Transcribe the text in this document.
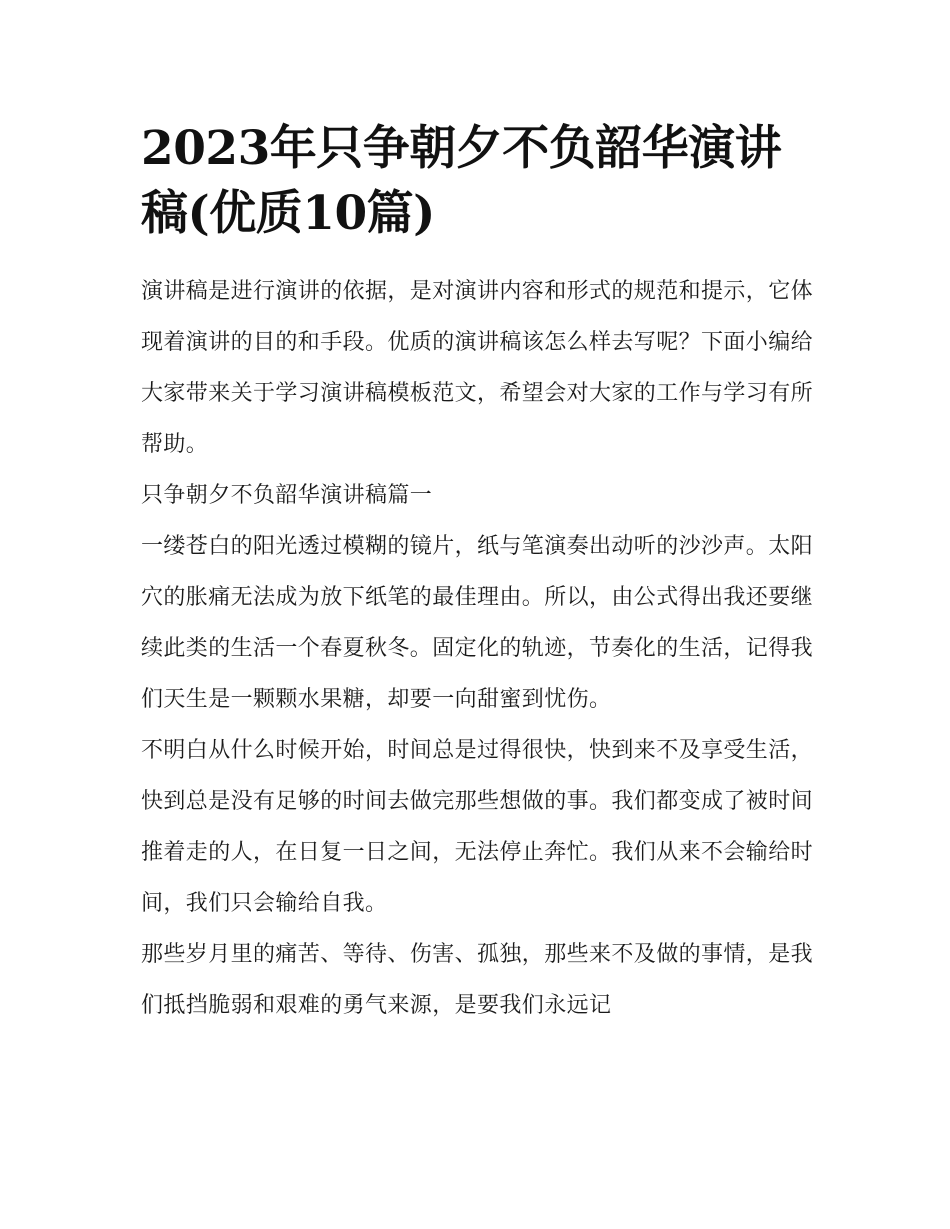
2023年只争朝夕不负韶华演讲稿(优质10篇)

演讲稿是进行演讲的依据，是对演讲内容和形式的规范和提示，它体现着演讲的目的和手段。优质的演讲稿该怎么样去写呢？下面小编给大家带来关于学习演讲稿模板范文，希望会对大家的工作与学习有所帮助。

只争朝夕不负韶华演讲稿篇一

一缕苍白的阳光透过模糊的镜片，纸与笔演奏出动听的沙沙声。太阳穴的胀痛无法成为放下纸笔的最佳理由。所以，由公式得出我还要继续此类的生活一个春夏秋冬。固定化的轨迹，节奏化的生活，记得我们天生是一颗颗水果糖，却要一向甜蜜到忧伤。

不明白从什么时候开始，时间总是过得很快，快到来不及享受生活，快到总是没有足够的时间去做完那些想做的事。我们都变成了被时间推着走的人，在日复一日之间，无法停止奔忙。我们从来不会输给时间，我们只会输给自我。

那些岁月里的痛苦、等待、伤害、孤独，那些来不及做的事情，是我们抵挡脆弱和艰难的勇气来源，是要我们永远记
